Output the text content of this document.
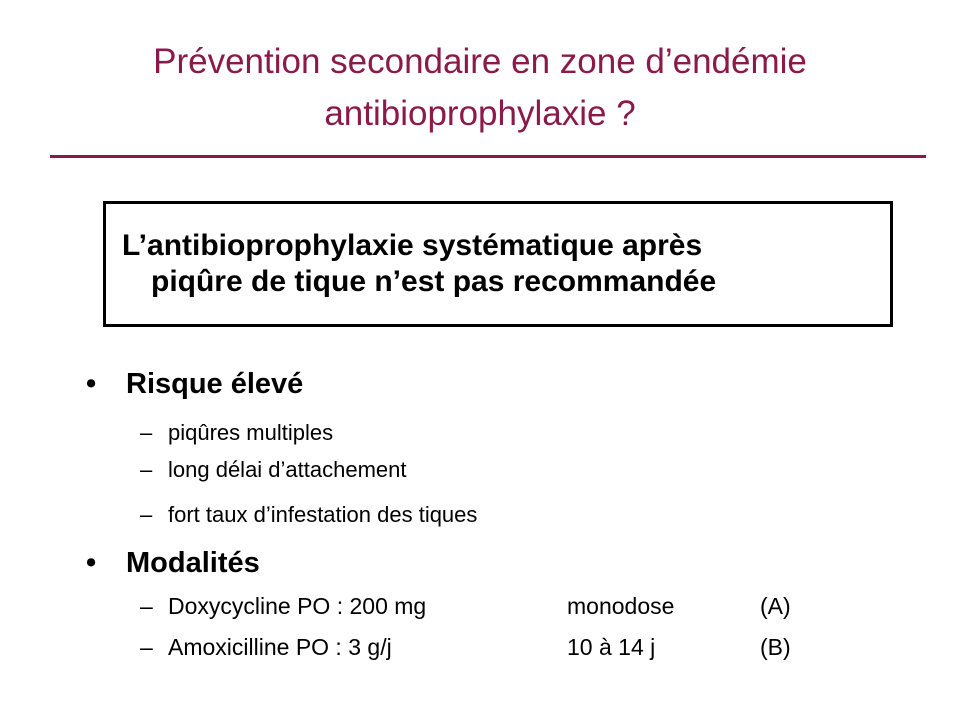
Prévention secondaire en zone d’endémie
antibioprophylaxie ?
L’antibioprophylaxie systématique après
piqûre de tique n’est pas recommandée
• Risque élevé
– piqûres multiples
– long délai d’attachement
– fort taux d’infestation des tiques
• Modalités
– Doxycycline PO : 200 mg	monodose	(A)
– Amoxicilline PO : 3 g/j	10 à 14 j	(B)
